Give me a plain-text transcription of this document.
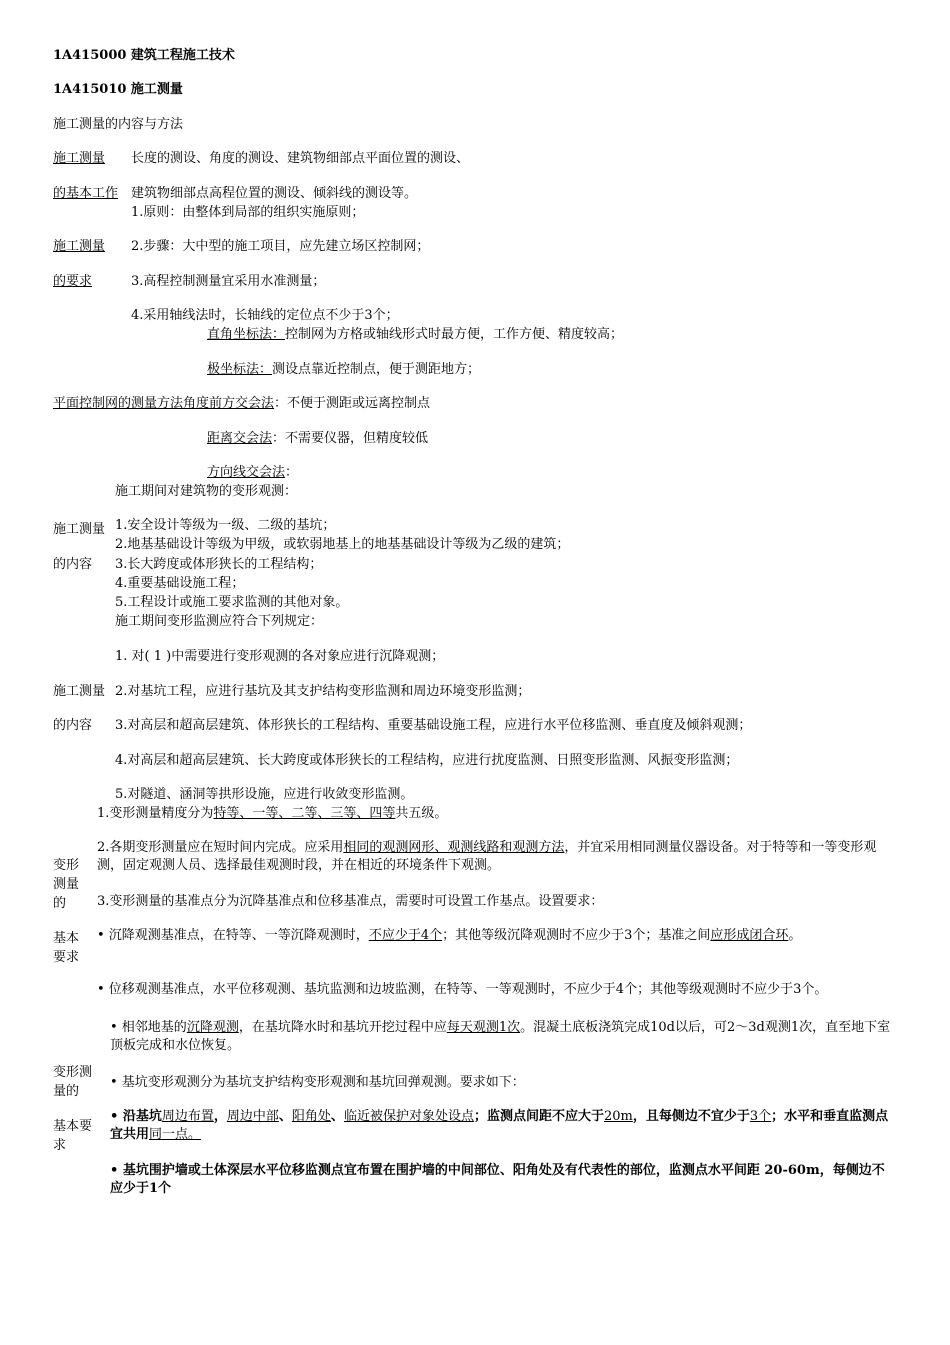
1A415000 建筑工程施工技术
1A415010 施工测量
施工测量的内容与方法
施工测量 长度的测设、角度的测设、建筑物细部点平面位置的测设、
的基本工作 建筑物细部点高程位置的测设、倾斜线的测设等。
1.原则：由整体到局部的组织实施原则；
施工测量 2.步骤：大中型的施工项目，应先建立场区控制网；
的要求	3.高程控制测量宜采用水准测量；
4.采用轴线法时，长轴线的定位点不少于3个；
直角坐标法：控制网为方格或轴线形式时最方便，工作方便、精度较高；
极坐标法：测设点靠近控制点，便于测距地方；
平面控制网的测量方法角度前方交会法：不便于测距或远离控制点
距离交会法：不需要仪器，但精度较低
方向线交会法：
施工期间对建筑物的变形观测：
施工测量 1.安全设计等级为一级、二级的基坑；
2.地基基础设计等级为甲级，或软弱地基上的地基基础设计等级为乙级的建筑；
的内容 3.长大跨度或体形狭长的工程结构；
4.重要基础设施工程；
5.工程设计或施工要求监测的其他对象。
施工期间变形监测应符合下列规定：
1. 对( 1 )中需要进行变形观测的各对象应进行沉降观测；
施工测量 2.对基坑工程，应进行基坑及其支护结构变形监测和周边环境变形监测；
的内容 3.对高层和超高层建筑、体形狭长的工程结构、重要基础设施工程，应进行水平位移监测、垂直度及倾斜观测；
4.对高层和超高层建筑、长大跨度或体形狭长的工程结构，应进行扰度监测、日照变形监测、风振变形监测；
5.对隧道、涵洞等拱形设施，应进行收敛变形监测。
变形
测量
的
基本
要求
1.变形测量精度分为特等、一等、二等、三等、四等共五级。
2.各期变形测量应在短时间内完成。应采用相同的观测网形、观测线路和观测方法，并宜采用相同测量仪器设备。对于特等和一等变形观测，固定观测人员、选择最佳观测时段，并在相近的环境条件下观测。
3.变形测量的基准点分为沉降基准点和位移基准点，需要时可设置工作基点。设置要求：
• 沉降观测基准点，在特等、一等沉降观测时，不应少于4个；其他等级沉降观测时不应少于3个；基准之间应形成闭合环。
• 位移观测基准点，水平位移观测、基坑监测和边坡监测，在特等、一等观测时，不应少于4个；其他等级观测时不应少于3个。
变形测
量的
基本要
求
• 相邻地基的沉降观测，在基坑降水时和基坑开挖过程中应每天观测1次。混凝土底板浇筑完成10d以后，可2～3d观测1次，直至地下室顶板完成和水位恢复。
• 基坑变形观测分为基坑支护结构变形观测和基坑回弹观测。要求如下：
• 沿基坑周边布置，周边中部、阳角处、临近被保护对象处设点；监测点间距不应大于20m，且每侧边不宜少于3个；水平和垂直监测点宜共用同一点。
• 基坑围护墙或土体深层水平位移监测点宜布置在围护墙的中间部位、阳角处及有代表性的部位，监测点水平间距 20-60m，每侧边不应少于1个
